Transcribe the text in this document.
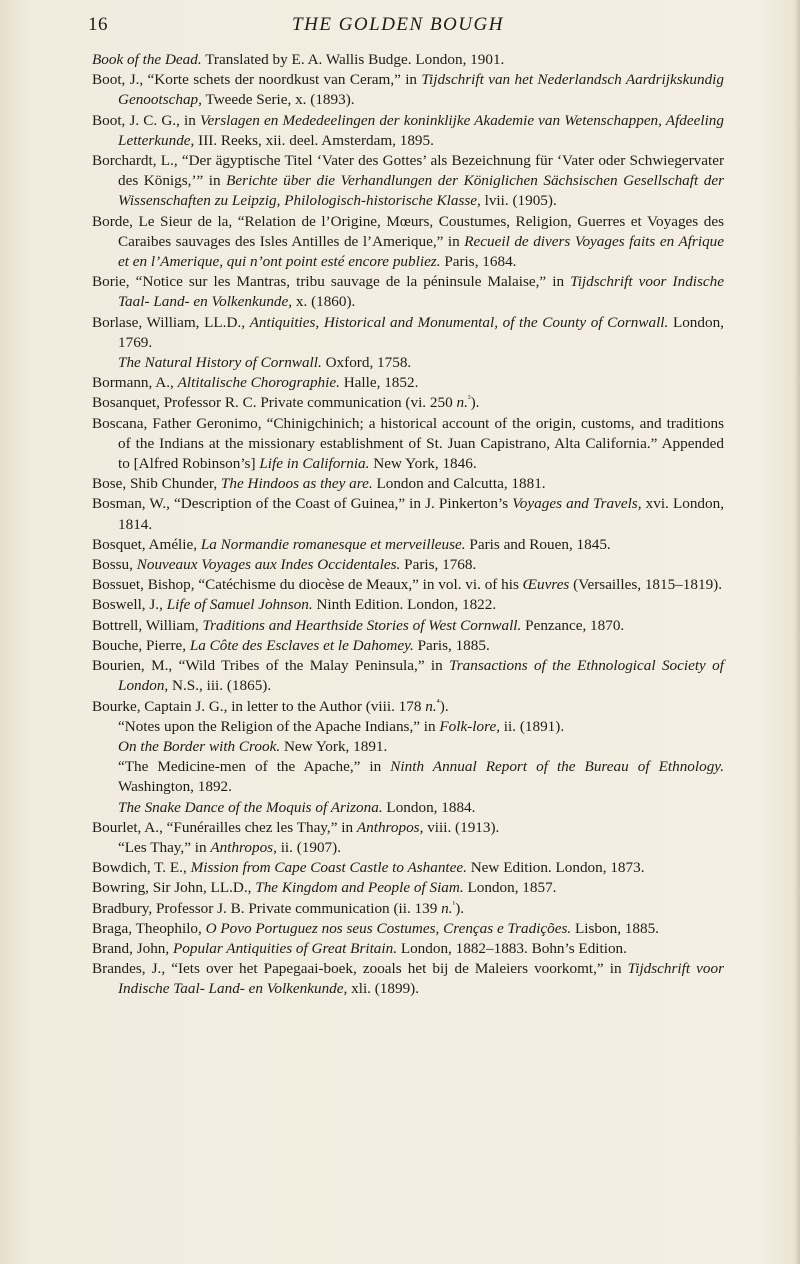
16	THE GOLDEN BOUGH

Book of the Dead. Translated by E. A. Wallis Budge. London, 1901.

Boot, J., “Korte schets der noordkust van Ceram,” in Tijdschrift van het Nederlandsch Aardrijkskundig Genootschap, Tweede Serie, x. (1893).

Boot, J. C. G., in Verslagen en Mededeelingen der koninklijke Akademie van Wetenschappen, Afdeeling Letterkunde, III. Reeks, xii. deel. Amsterdam, 1895.

Borchardt, L., “Der ägyptische Titel ‘Vater des Gottes’ als Bezeichnung für ‘Vater oder Schwiegervater des Königs,’” in Berichte über die Verhandlungen der Königlichen Sächsischen Gesellschaft der Wissenschaften zu Leipzig, Philologisch-historische Klasse, lvii. (1905).

Borde, Le Sieur de la, “Relation de l’Origine, Mœurs, Coustumes, Religion, Guerres et Voyages des Caraibes sauvages des Isles Antilles de l’Amerique,” in Recueil de divers Voyages faits en Afrique et en l’Amerique, qui n’ont point esté encore publiez. Paris, 1684.

Borie, “Notice sur les Mantras, tribu sauvage de la péninsule Malaise,” in Tijdschrift voor Indische Taal- Land- en Volkenkunde, x. (1860).

Borlase, William, LL.D., Antiquities, Historical and Monumental, of the County of Cornwall. London, 1769.

The Natural History of Cornwall. Oxford, 1758.

Bormann, A., Altitalische Chorographie. Halle, 1852.

Bosanquet, Professor R. C. Private communication (vi. 250 n.$^{^2}$).

Boscana, Father Geronimo, “Chinigchinich; a historical account of the origin, customs, and traditions of the Indians at the missionary establishment of St. Juan Capistrano, Alta California.” Appended to [Alfred Robinson’s] Life in California. New York, 1846.

Bose, Shib Chunder, The Hindoos as they are. London and Calcutta, 1881.

Bosman, W., “Description of the Coast of Guinea,” in J. Pinkerton’s Voyages and Travels, xvi. London, 1814.

Bosquet, Amélie, La Normandie romanesque et merveilleuse. Paris and Rouen, 1845.

Bossu, Nouveaux Voyages aux Indes Occidentales. Paris, 1768.

Bossuet, Bishop, “Catéchisme du diocèse de Meaux,” in vol. vi. of his Œuvres (Versailles, 1815–1819).

Boswell, J., Life of Samuel Johnson. Ninth Edition. London, 1822.

Bottrell, William, Traditions and Hearthside Stories of West Cornwall. Penzance, 1870.

Bouche, Pierre, La Côte des Esclaves et le Dahomey. Paris, 1885.

Bourien, M., “Wild Tribes of the Malay Peninsula,” in Transactions of the Ethnological Society of London, N.S., iii. (1865).

Bourke, Captain J. G., in letter to the Author (viii. 178 n.$^{^4}$).

“Notes upon the Religion of the Apache Indians,” in Folk-lore, ii. (1891).

On the Border with Crook. New York, 1891.

“The Medicine-men of the Apache,” in Ninth Annual Report of the Bureau of Ethnology. Washington, 1892.

The Snake Dance of the Moquis of Arizona. London, 1884.

Bourlet, A., “Funérailles chez les Thay,” in Anthropos, viii. (1913).

“Les Thay,” in Anthropos, ii. (1907).

Bowdich, T. E., Mission from Cape Coast Castle to Ashantee. New Edition. London, 1873.

Bowring, Sir John, LL.D., The Kingdom and People of Siam. London, 1857.

Bradbury, Professor J. B. Private communication (ii. 139 n.$^{^1}$).

Braga, Theophilo, O Povo Portuguez nos seus Costumes, Crenças e Tradições. Lisbon, 1885.

Brand, John, Popular Antiquities of Great Britain. London, 1882–1883. Bohn’s Edition.

Brandes, J., “Iets over het Papegaai-boek, zooals het bij de Maleiers voorkomt,” in Tijdschrift voor Indische Taal- Land- en Volkenkunde, xli. (1899).
